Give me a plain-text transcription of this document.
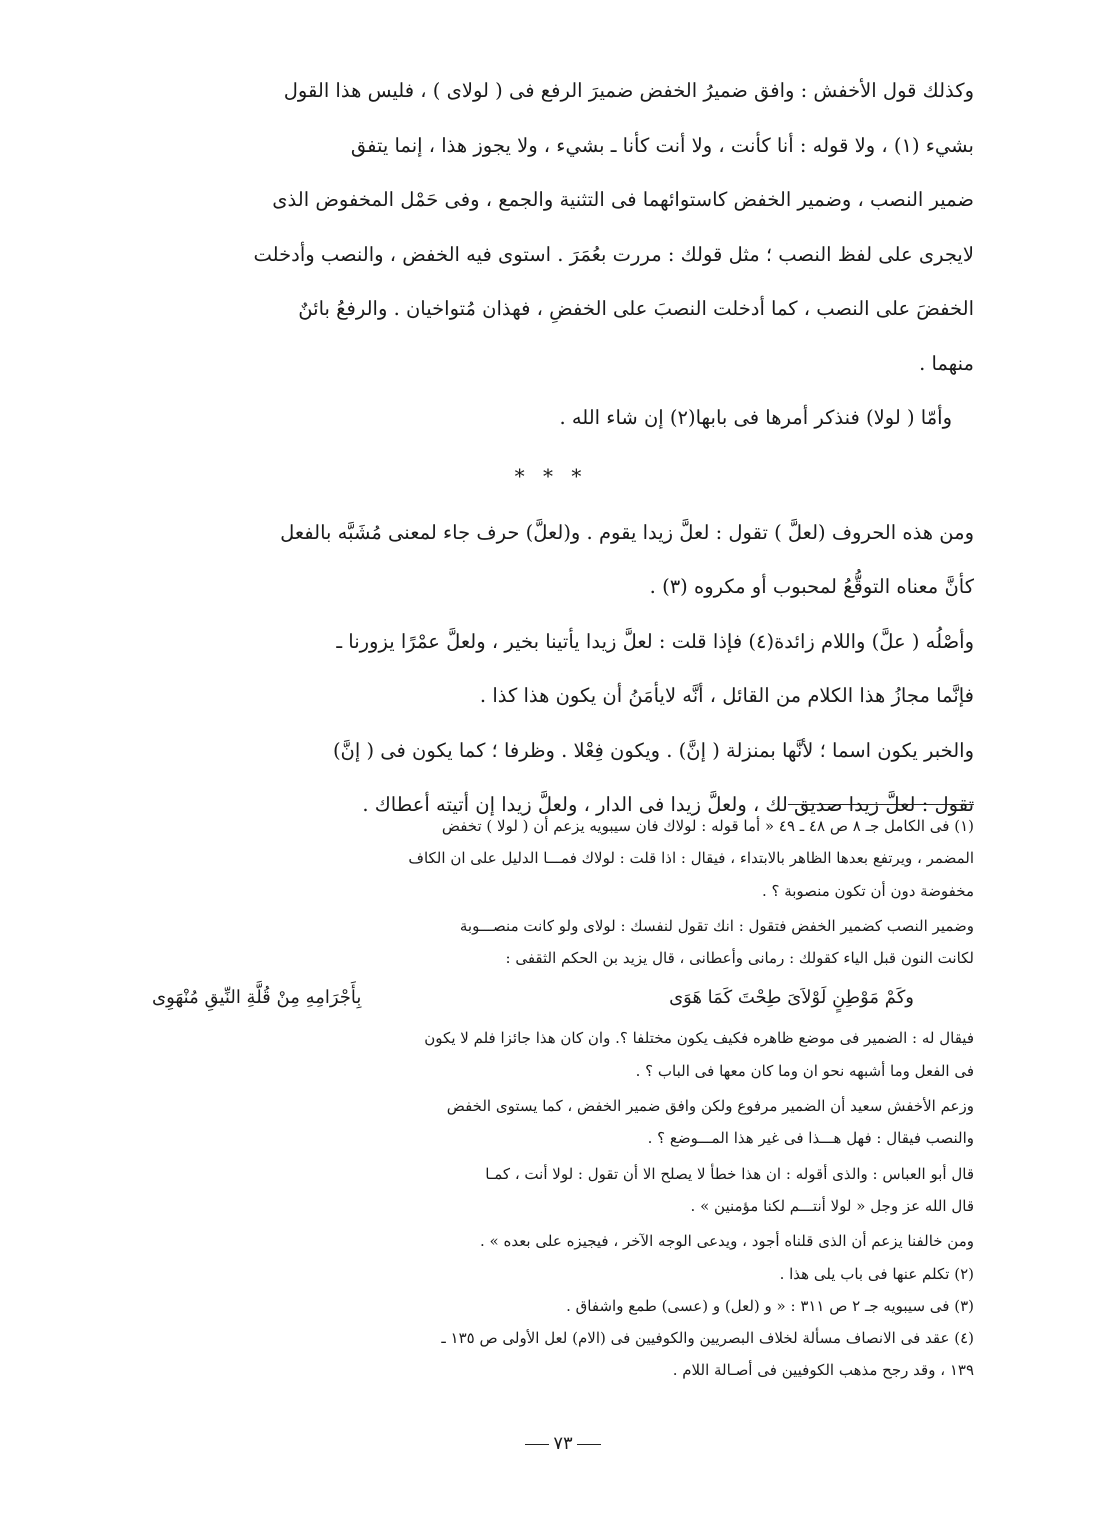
وكذلك قول الأخفش : وافق ضميرُ الخفض ضميرَ الرفع فى ( لولاى ) ، فليس هذا القول
بشيء (١) ، ولا قوله : أنا كأنت ، ولا أنت كأنا ـ بشيء ، ولا يجوز هذا ، إنما يتفق
ضمير النصب ، وضمير الخفض كاستوائهما فى التثنية والجمع ، وفى حَمْل المخفوض الذى
لايجرى على لفظ النصب ؛ مثل قولك : مررت بعُمَرَ . استوى فيه الخفض ، والنصب وأدخلت
الخفضَ على النصب ، كما أدخلت النصبَ على الخفضِ ، فهذان مُتواخيان . والرفعُ بائنٌ
منهما .
وأمّا ( لولا) فنذكر أمرها فى بابها(٢) إن شاء الله .
* * *
ومن هذه الحروف (لعلَّ ) تقول : لعلَّ زيدا يقوم . و(لعلَّ) حرف جاء لمعنى مُشَبَّه بالفعل
كأنَّ معناه التوقُّعُ لمحبوب أو مكروه (٣) .
وأصْلُه ( علَّ) واللام زائدة(٤) فإذا قلت : لعلَّ زيدا يأتينا بخير ، ولعلَّ عمْرًا يزورنا ـ
فإنَّما مجازُ هذا الكلام من القائل ، أنَّه لايأمَنُ أن يكون هذا كذا .
والخبر يكون اسما ؛ لأنَّها بمنزلة ( إنَّ) . ويكون فِعْلا . وظرفا ؛ كما يكون فى ( إنَّ)
تقول : لعلَّ زيدا صديق لك ، ولعلَّ زيدا فى الدار ، ولعلَّ زيدا إن أتيته أعطاك .
(١) فى الكامل جـ ٨ ص ٤٨ ـ ٤٩ « أما قوله : لولاك فان سيبويه يزعم أن ( لولا ) تخفض
المضمر ، ويرتفع بعدها الظاهر بالابتداء ، فيقال : اذا قلت : لولاك فمـــا الدليل على ان الكاف
مخفوضة دون أن تكون منصوبة ؟ .
وضمير النصب كضمير الخفض فتقول : انك تقول لنفسك : لولاى ولو كانت منصـــوبة
لكانت النون قبل الياء كقولك : رمانى وأعطانى ، قال يزيد بن الحكم الثقفى :
وكَمْ مَوْطِنٍ لَوْلاَىَ طِحْتَ كَمَا هَوَى
بِأَجْرَامِهِ مِنْ قُلَّةِ النِّيقِ مُنْهَوِى
فيقال له : الضمير فى موضع ظاهره فكيف يكون مختلفا ؟. وان كان هذا جائزا فلم لا يكون
فى الفعل وما أشبهه نحو ان وما كان معها فى الباب ؟ .
وزعم الأخفش سعيد أن الضمير مرفوع ولكن وافق ضمير الخفض ، كما يستوى الخفض
والنصب فيقال : فهل هـــذا فى غير هذا المـــوضع ؟ .
قال أبو العباس : والذى أقوله : ان هذا خطأ لا يصلح الا أن تقول : لولا أنت ، كمـا
قال الله عز وجل « لولا أنتـــم لكنا مؤمنين » .
ومن خالفنا يزعم أن الذى قلناه أجود ، ويدعى الوجه الآخر ، فيجيزه على بعده » .
(٢) تكلم عنها فى باب يلى هذا .
(٣) فى سيبويه جـ ٢ ص ٣١١ : « و (لعل) و (عسى) طمع واشفاق .
(٤) عقد فى الانصاف مسألة لخلاف البصريين والكوفيين فى (الام) لعل الأولى ص ١٣٥ ـ
١٣٩ ، وقد رجح مذهب الكوفيين فى أصـالة اللام .
٧٣
